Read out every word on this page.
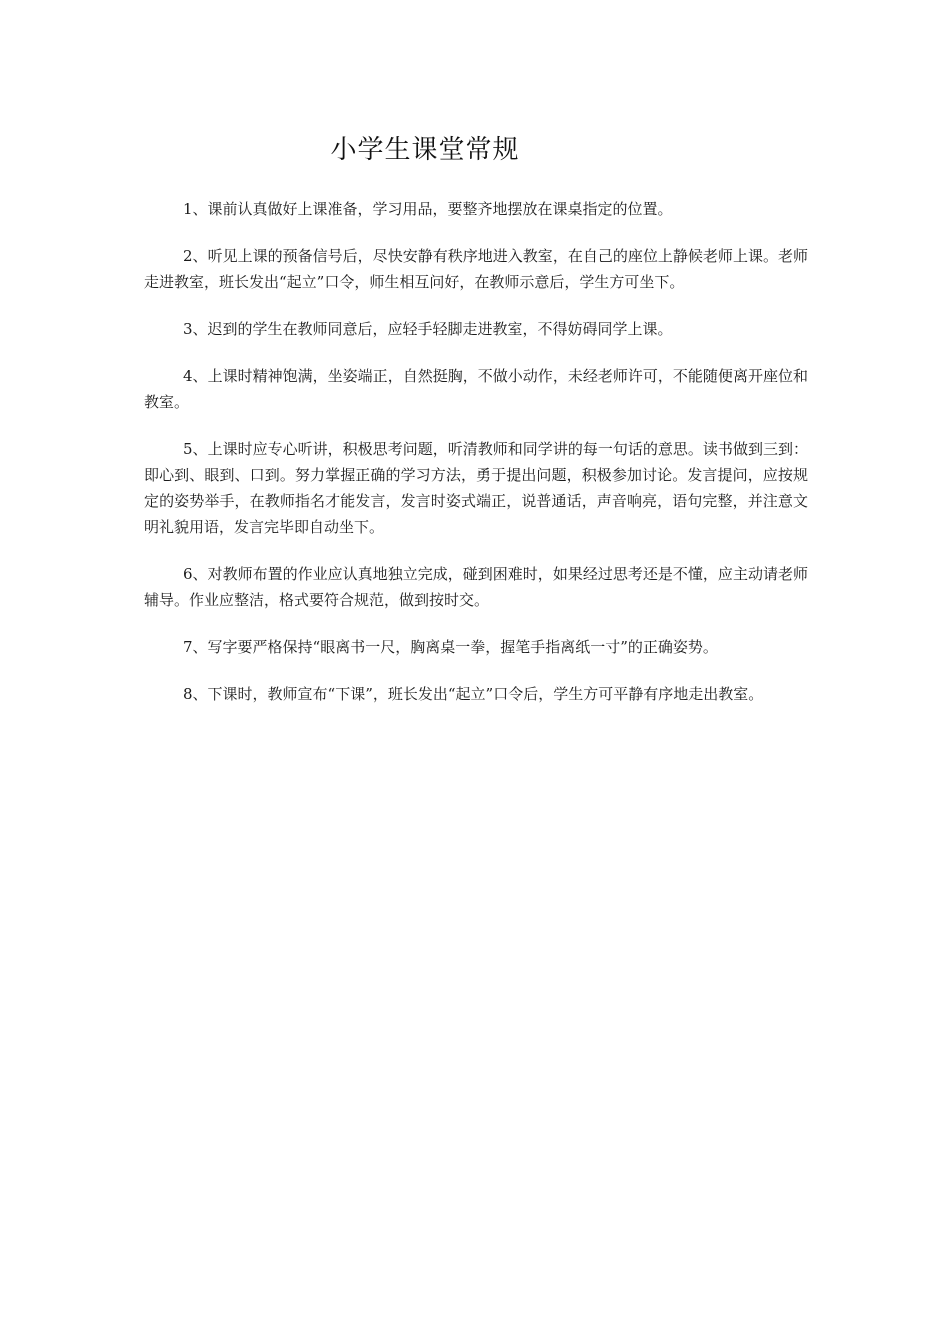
小学生课堂常规

1、课前认真做好上课准备，学习用品，要整齐地摆放在课桌指定的位置。

2、听见上课的预备信号后，尽快安静有秩序地进入教室，在自己的座位上静候老师上课。老师走进教室，班长发出“起立”口令，师生相互问好，在教师示意后，学生方可坐下。

3、迟到的学生在教师同意后，应轻手轻脚走进教室，不得妨碍同学上课。

4、上课时精神饱满，坐姿端正，自然挺胸，不做小动作，未经老师许可，不能随便离开座位和教室。

5、上课时应专心听讲，积极思考问题，听清教师和同学讲的每一句话的意思。读书做到三到：即心到、眼到、口到。努力掌握正确的学习方法，勇于提出问题，积极参加讨论。发言提问，应按规定的姿势举手，在教师指名才能发言，发言时姿式端正，说普通话，声音响亮，语句完整，并注意文明礼貌用语，发言完毕即自动坐下。

6、对教师布置的作业应认真地独立完成，碰到困难时，如果经过思考还是不懂，应主动请老师辅导。作业应整洁，格式要符合规范，做到按时交。

7、写字要严格保持“眼离书一尺，胸离桌一拳，握笔手指离纸一寸”的正确姿势。

8、下课时，教师宣布“下课”，班长发出“起立”口令后，学生方可平静有序地走出教室。
